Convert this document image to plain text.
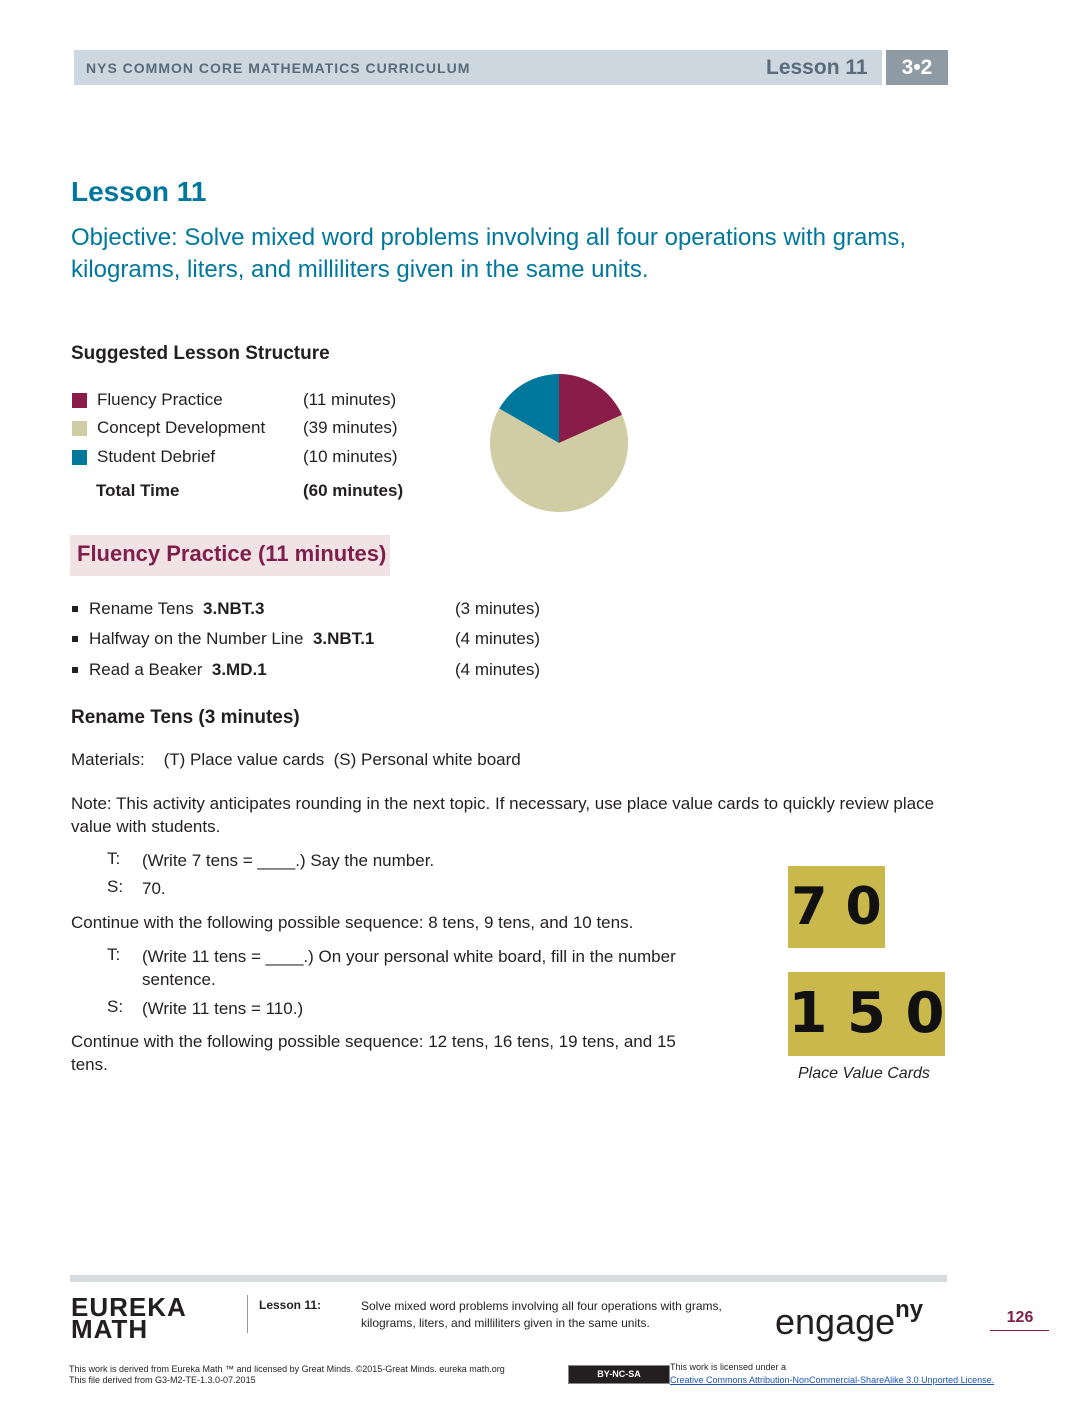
NYS COMMON CORE MATHEMATICS CURRICULUM	Lesson 11	3•2
Lesson 11
Objective: Solve mixed word problems involving all four operations with grams, kilograms, liters, and milliliters given in the same units.
Suggested Lesson Structure
Fluency Practice	(11 minutes)
Concept Development (39 minutes)
Student Debrief	(10 minutes)
Total Time	(60 minutes)
Fluency Practice (11 minutes)
Rename Tens 3.NBT.3	(3 minutes)
Halfway on the Number Line 3.NBT.1	(4 minutes)
Read a Beaker 3.MD.1	(4 minutes)
Rename Tens (3 minutes)
Materials:    (T) Place value cards  (S) Personal white board
Note: This activity anticipates rounding in the next topic. If necessary, use place value cards to quickly review place value with students.
T: (Write 7 tens = ____.) Say the number.
S: 70.
Continue with the following possible sequence: 8 tens, 9 tens, and 10 tens.
T: (Write 11 tens = ____.) On your personal white board, fill in the number sentence.
S: (Write 11 tens = 110.)
Continue with the following possible sequence: 12 tens, 16 tens, 19 tens, and 15 tens.
7 0
1 5 0
Place Value Cards
EUREKA
MATH
Lesson 11:	Solve mixed word problems involving all four operations with grams, kilograms, liters, and milliliters given in the same units.	engage$^{ny}$	126
This work is derived from Eureka Math ™ and licensed by Great Minds. ©2015-Great Minds. eureka math.org
This file derived from G3-M2-TE-1.3.0-07.2015
BY-NC-SA
This work is licensed under a
Creative Commons Attribution-NonCommercial-ShareAlike 3.0 Unported License.
